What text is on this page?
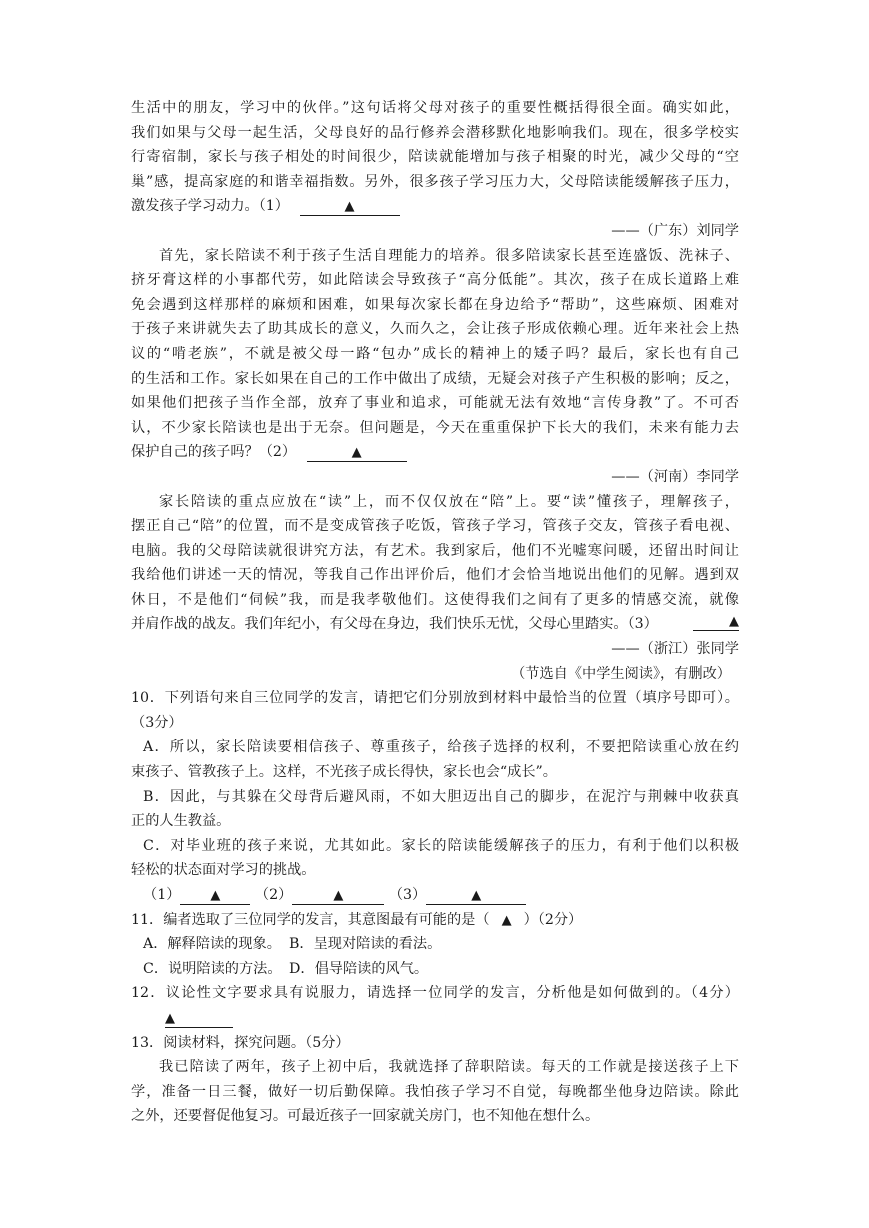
生活中的朋友，学习中的伙伴。”这句话将父母对孩子的重要性概括得很全面。确实如此，
我们如果与父母一起生活，父母良好的品行修养会潜移默化地影响我们。现在，很多学校实
行寄宿制，家长与孩子相处的时间很少，陪读就能增加与孩子相聚的时光，减少父母的“空
巢”感，提高家庭的和谐幸福指数。另外，很多孩子学习压力大，父母陪读能缓解孩子压力，
激发孩子学习动力。（1）	▲
——（广东）刘同学
首先，家长陪读不利于孩子生活自理能力的培养。很多陪读家长甚至连盛饭、洗袜子、
挤牙膏这样的小事都代劳，如此陪读会导致孩子“高分低能”。其次，孩子在成长道路上难
免会遇到这样那样的麻烦和困难，如果每次家长都在身边给予“帮助”，这些麻烦、困难对
于孩子来讲就失去了助其成长的意义，久而久之，会让孩子形成依赖心理。近年来社会上热
议的“啃老族”，不就是被父母一路“包办”成长的精神上的矮子吗？最后，家长也有自己
的生活和工作。家长如果在自己的工作中做出了成绩，无疑会对孩子产生积极的影响；反之，
如果他们把孩子当作全部，放弃了事业和追求，可能就无法有效地“言传身教”了。不可否
认，不少家长陪读也是出于无奈。但问题是，今天在重重保护下长大的我们，未来有能力去
保护自己的孩子吗？（2）	▲
——（河南）李同学
家长陪读的重点应放在“读”上，而不仅仅放在“陪”上。要“读”懂孩子，理解孩子，
摆正自己“陪”的位置，而不是变成管孩子吃饭，管孩子学习，管孩子交友，管孩子看电视、
电脑。我的父母陪读就很讲究方法，有艺术。我到家后，他们不光嘘寒问暖，还留出时间让
我给他们讲述一天的情况，等我自己作出评价后，他们才会恰当地说出他们的见解。遇到双
休日，不是他们“伺候”我，而是我孝敬他们。这使得我们之间有了更多的情感交流，就像
并肩作战的战友。我们年纪小，有父母在身边，我们快乐无忧，父母心里踏实。（3）	▲
——（浙江）张同学
（节选自《中学生阅读》，有删改）
10．下列语句来自三位同学的发言，请把它们分别放到材料中最恰当的位置（填序号即可）。
（3分）
A．所以，家长陪读要相信孩子、尊重孩子，给孩子选择的权利，不要把陪读重心放在约
束孩子、管教孩子上。这样，不光孩子成长得快，家长也会“成长”。
B．因此，与其躲在父母背后避风雨，不如大胆迈出自己的脚步，在泥泞与荆棘中收获真
正的人生教益。
C．对毕业班的孩子来说，尤其如此。家长的陪读能缓解孩子的压力，有利于他们以积极
轻松的状态面对学习的挑战。
（1） ▲ （2）	▲	（3）	▲
11．编者选取了三位同学的发言，其意图最有可能的是（ ▲ ）（2分）
A．解释陪读的现象。 B．呈现对陪读的看法。
C．说明陪读的方法。 D．倡导陪读的风气。
12．议论性文字要求具有说服力，请选择一位同学的发言，分析他是如何做到的。（4分）
▲
13．阅读材料，探究问题。（5分）
我已陪读了两年，孩子上初中后，我就选择了辞职陪读。每天的工作就是接送孩子上下
学，准备一日三餐，做好一切后勤保障。我怕孩子学习不自觉，每晚都坐他身边陪读。除此
之外，还要督促他复习。可最近孩子一回家就关房门，也不知他在想什么。
